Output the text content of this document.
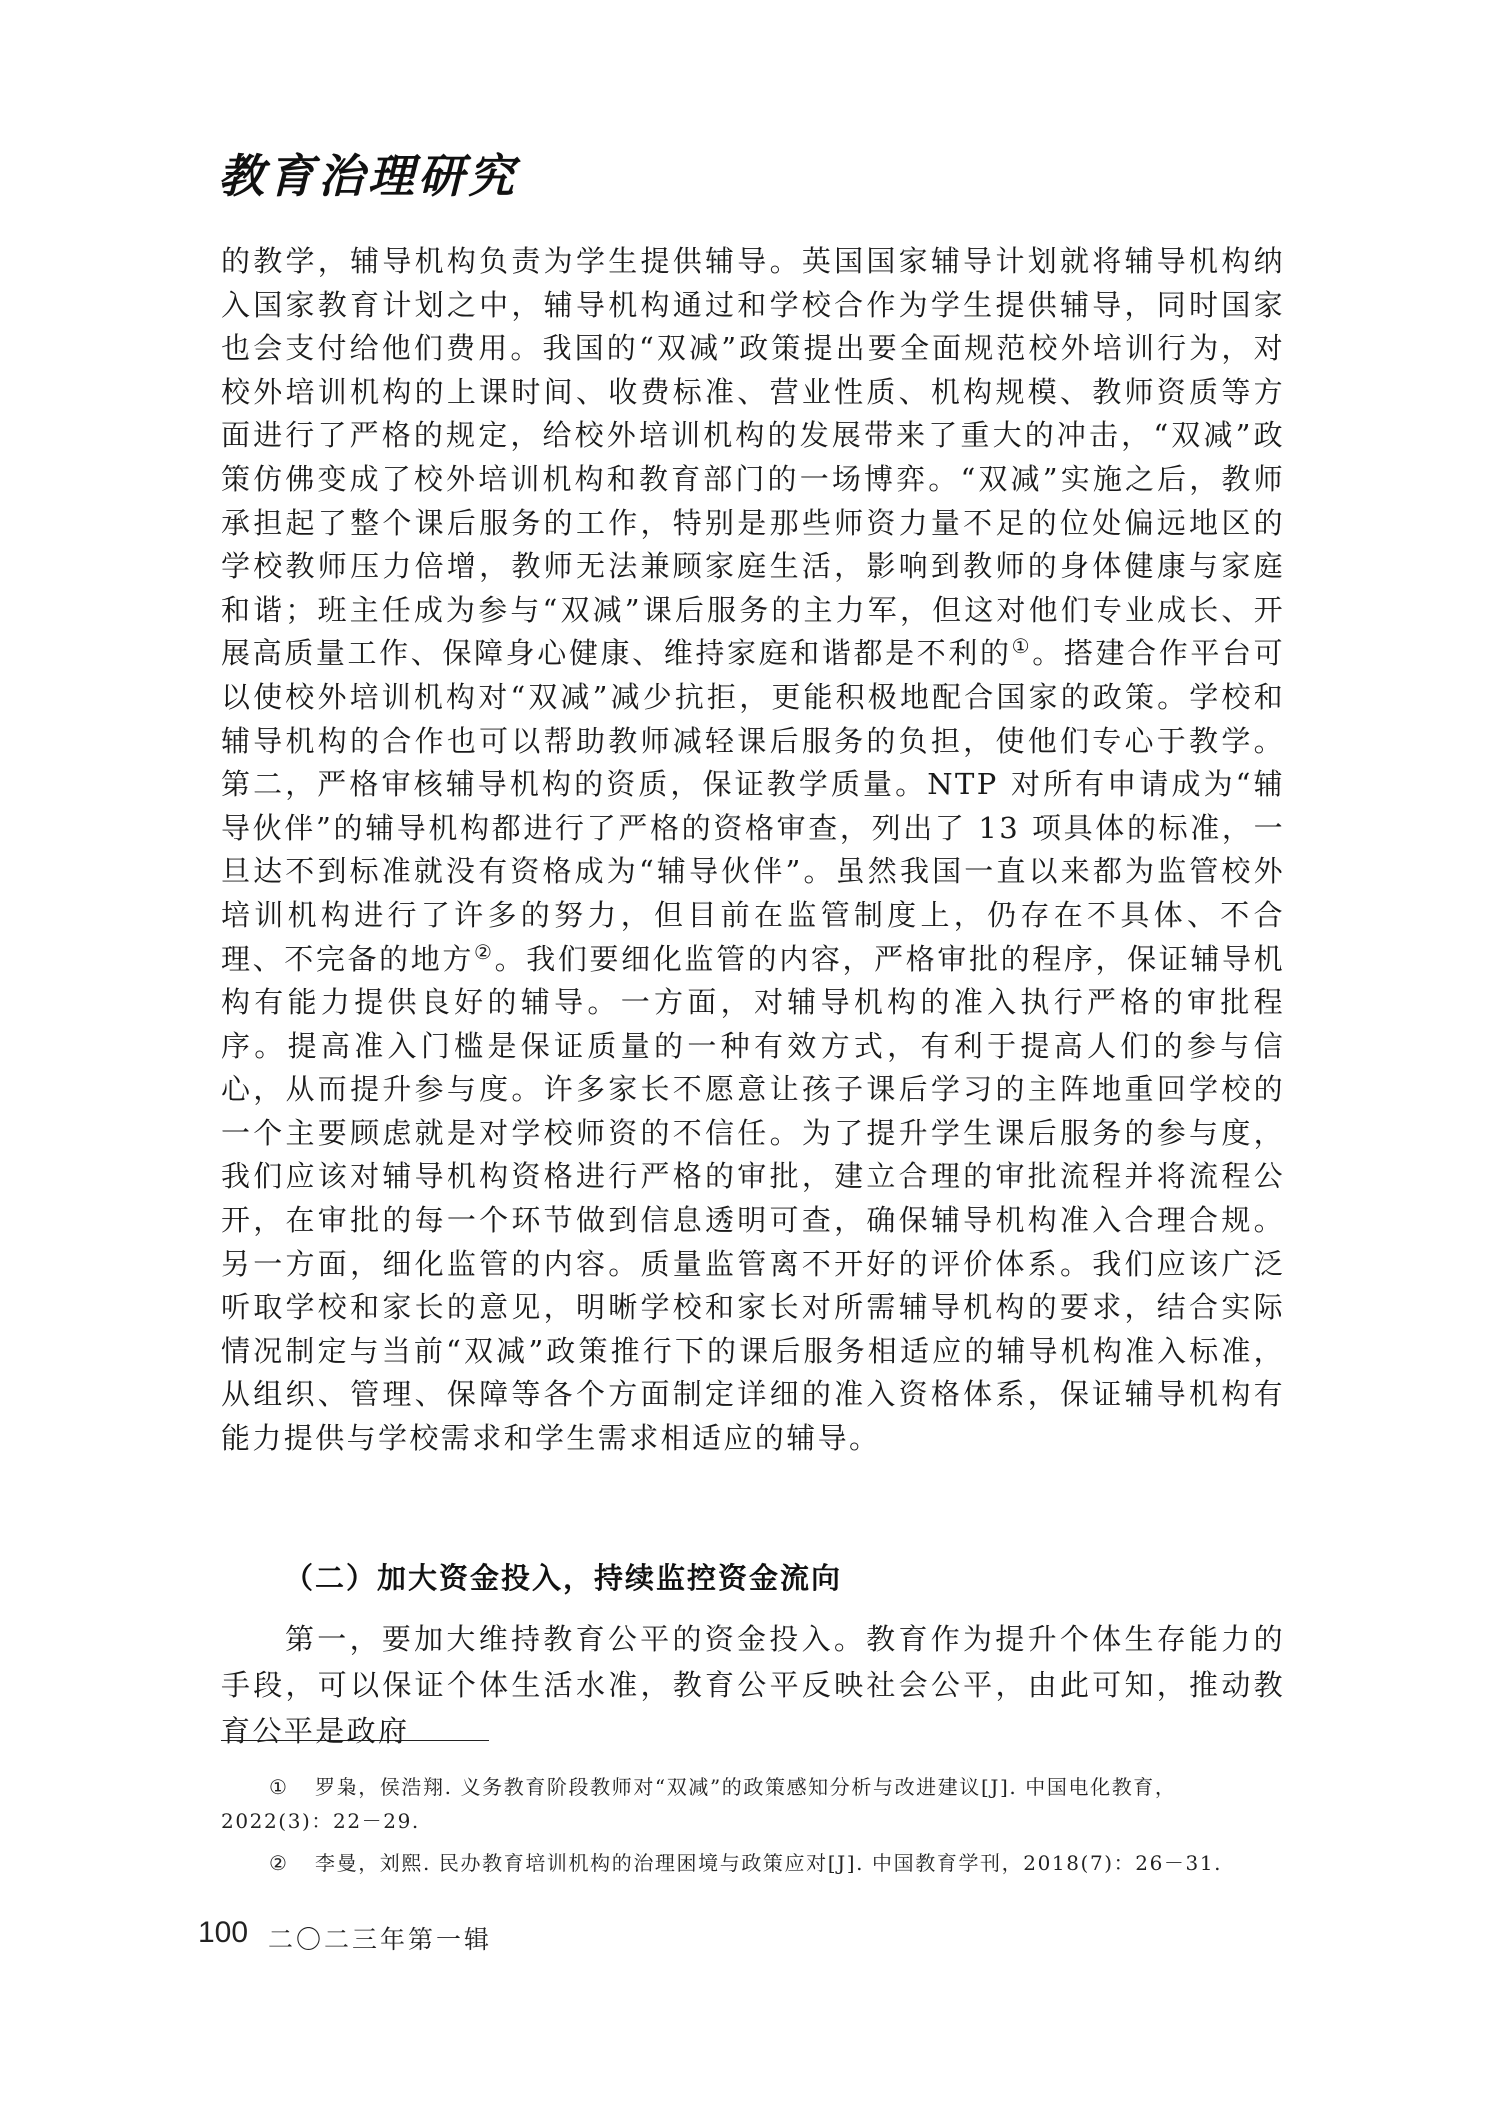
教育治理研究

的教学，辅导机构负责为学生提供辅导。英国国家辅导计划就将辅导机构纳入国家教育计划之中，辅导机构通过和学校合作为学生提供辅导，同时国家也会支付给他们费用。我国的“双减”政策提出要全面规范校外培训行为，对校外培训机构的上课时间、收费标准、营业性质、机构规模、教师资质等方面进行了严格的规定，给校外培训机构的发展带来了重大的冲击，“双减”政策仿佛变成了校外培训机构和教育部门的一场博弈。“双减”实施之后，教师承担起了整个课后服务的工作，特别是那些师资力量不足的位处偏远地区的学校教师压力倍增，教师无法兼顾家庭生活，影响到教师的身体健康与家庭和谐；班主任成为参与“双减”课后服务的主力军，但这对他们专业成长、开展高质量工作、保障身心健康、维持家庭和谐都是不利的①。搭建合作平台可以使校外培训机构对“双减”减少抗拒，更能积极地配合国家的政策。学校和辅导机构的合作也可以帮助教师减轻课后服务的负担，使他们专心于教学。第二，严格审核辅导机构的资质，保证教学质量。NTP 对所有申请成为“辅导伙伴”的辅导机构都进行了严格的资格审查，列出了 13 项具体的标准，一旦达不到标准就没有资格成为“辅导伙伴”。虽然我国一直以来都为监管校外培训机构进行了许多的努力，但目前在监管制度上，仍存在不具体、不合理、不完备的地方②。我们要细化监管的内容，严格审批的程序，保证辅导机构有能力提供良好的辅导。一方面，对辅导机构的准入执行严格的审批程序。提高准入门槛是保证质量的一种有效方式，有利于提高人们的参与信心，从而提升参与度。许多家长不愿意让孩子课后学习的主阵地重回学校的一个主要顾虑就是对学校师资的不信任。为了提升学生课后服务的参与度，我们应该对辅导机构资格进行严格的审批，建立合理的审批流程并将流程公开，在审批的每一个环节做到信息透明可查，确保辅导机构准入合理合规。另一方面，细化监管的内容。质量监管离不开好的评价体系。我们应该广泛听取学校和家长的意见，明晰学校和家长对所需辅导机构的要求，结合实际情况制定与当前“双减”政策推行下的课后服务相适应的辅导机构准入标准，从组织、管理、保障等各个方面制定详细的准入资格体系，保证辅导机构有能力提供与学校需求和学生需求相适应的辅导。

（二）加大资金投入，持续监控资金流向

第一，要加大维持教育公平的资金投入。教育作为提升个体生存能力的手段，可以保证个体生活水准，教育公平反映社会公平，由此可知，推动教育公平是政府

① 罗枭，侯浩翔. 义务教育阶段教师对“双减”的政策感知分析与改进建议[J]. 中国电化教育，2022(3)：22－29.
② 李曼，刘熙. 民办教育培训机构的治理困境与政策应对[J]. 中国教育学刊，2018(7)：26－31.
100 二〇二三年第一辑
